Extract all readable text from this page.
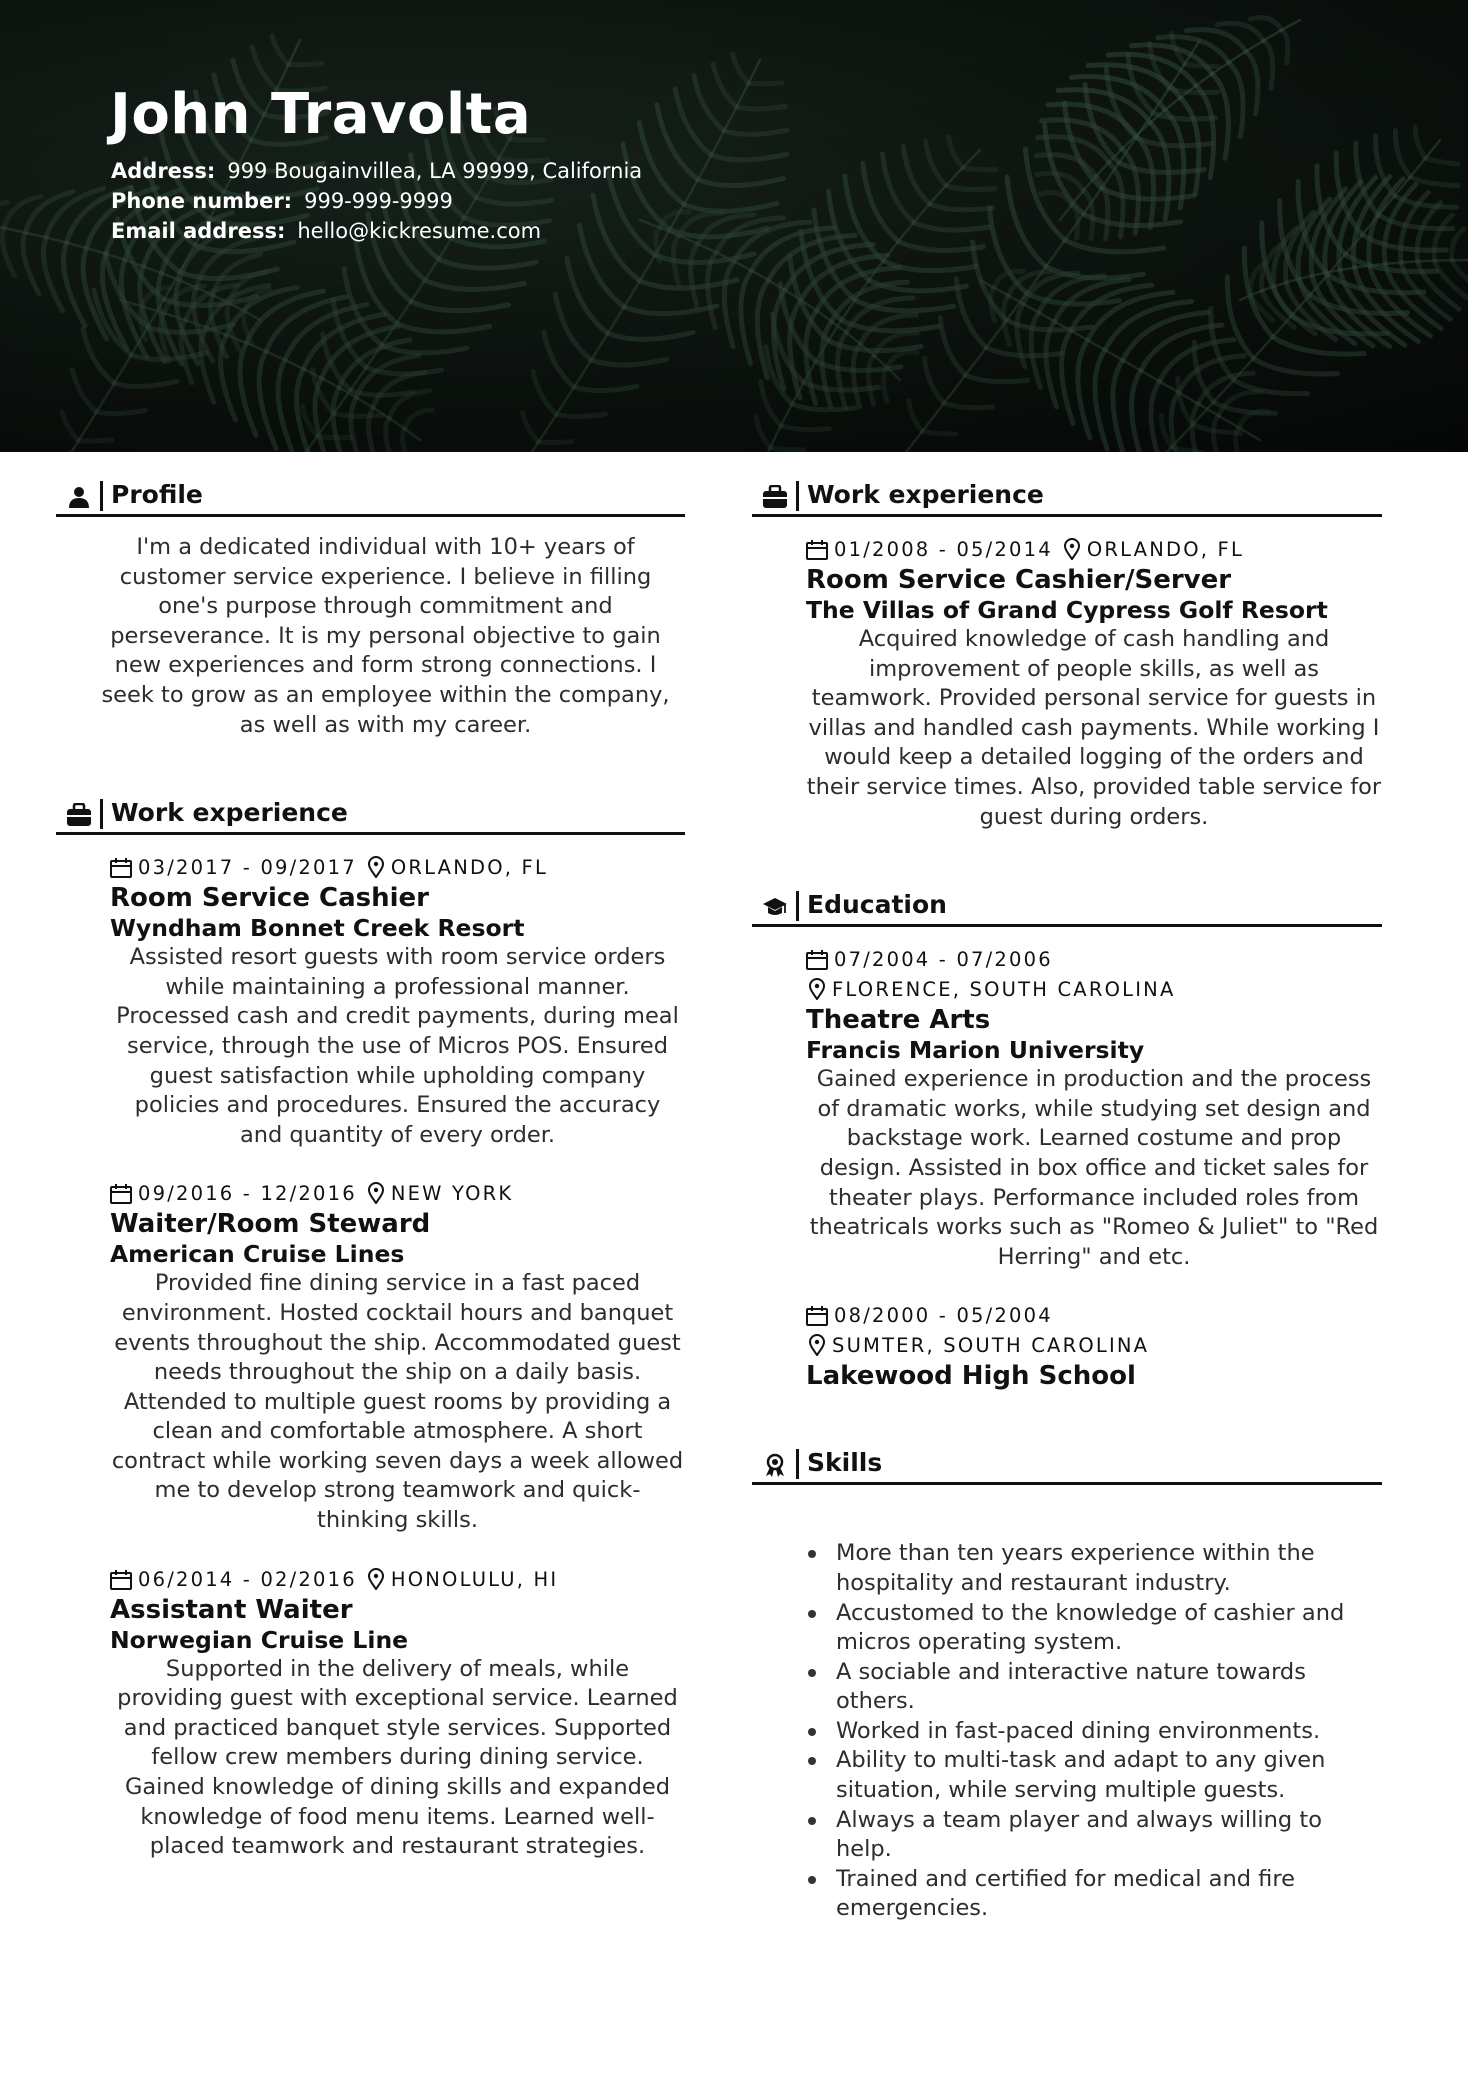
John Travolta
Address: 999 Bougainvillea, LA 99999, California
Phone number: 999-999-9999
Email address: hello@kickresume.com
Profile

I'm a dedicated individual with 10+ years of customer service experience. I believe in filling one's purpose through commitment and perseverance. It is my personal objective to gain new experiences and form strong connections. I seek to grow as an employee within the company, as well as with my career.

Work experience
03/2017 - 09/2017 ORLANDO, FL
Room Service Cashier
Wyndham Bonnet Creek Resort

Assisted resort guests with room service orders while maintaining a professional manner. Processed cash and credit payments, during meal service, through the use of Micros POS. Ensured guest satisfaction while upholding company policies and procedures. Ensured the accuracy and quantity of every order.

09/2016 - 12/2016 NEW YORK
Waiter/Room Steward
American Cruise Lines

Provided fine dining service in a fast paced environment. Hosted cocktail hours and banquet events throughout the ship. Accommodated guest needs throughout the ship on a daily basis. Attended to multiple guest rooms by providing a clean and comfortable atmosphere. A short contract while working seven days a week allowed me to develop strong teamwork and quick-thinking skills.

06/2014 - 02/2016 HONOLULU, HI
Assistant Waiter
Norwegian Cruise Line

Supported in the delivery of meals, while providing guest with exceptional service. Learned and practiced banquet style services. Supported fellow crew members during dining service. Gained knowledge of dining skills and expanded knowledge of food menu items. Learned well-placed teamwork and restaurant strategies.

Work experience
01/2008 - 05/2014 ORLANDO, FL
Room Service Cashier/Server
The Villas of Grand Cypress Golf Resort

Acquired knowledge of cash handling and improvement of people skills, as well as teamwork. Provided personal service for guests in villas and handled cash payments. While working I would keep a detailed logging of the orders and their service times. Also, provided table service for guest during orders.

Education
07/2004 - 07/2006
FLORENCE, SOUTH CAROLINA
Theatre Arts
Francis Marion University

Gained experience in production and the process of dramatic works, while studying set design and backstage work. Learned costume and prop design. Assisted in box office and ticket sales for theater plays. Performance included roles from theatricals works such as "Romeo & Juliet" to "Red Herring" and etc.

08/2000 - 05/2004
SUMTER, SOUTH CAROLINA
Lakewood High School
Skills
More than ten years experience within the hospitality and restaurant industry.
Accustomed to the knowledge of cashier and micros operating system.
A sociable and interactive nature towards others.
Worked in fast-paced dining environments.
Ability to multi-task and adapt to any given situation, while serving multiple guests.
Always a team player and always willing to help.
Trained and certified for medical and fire emergencies.
